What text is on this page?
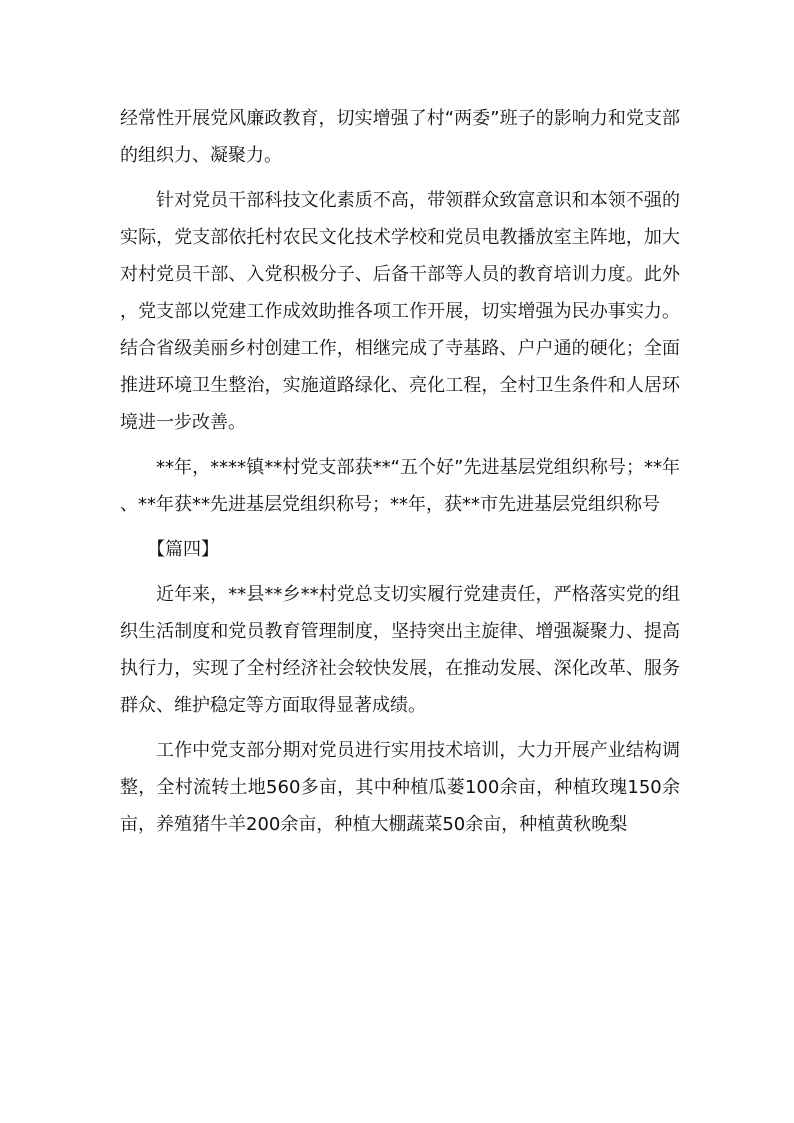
经常性开展党风廉政教育，切实增强了村“两委”班子的影响力和党支部的组织力、凝聚力。

针对党员干部科技文化素质不高，带领群众致富意识和本领不强的实际，党支部依托村农民文化技术学校和党员电教播放室主阵地，加大对村党员干部、入党积极分子、后备干部等人员的教育培训力度。此外，党支部以党建工作成效助推各项工作开展，切实增强为民办事实力。结合省级美丽乡村创建工作，相继完成了寺基路、户户通的硬化；全面推进环境卫生整治，实施道路绿化、亮化工程，全村卫生条件和人居环境进一步改善。

**年，****镇**村党支部获**“五个好”先进基层党组织称号；**年、**年获**先进基层党组织称号；**年，获**市先进基层党组织称号

【篇四】

近年来，**县**乡**村党总支切实履行党建责任，严格落实党的组织生活制度和党员教育管理制度，坚持突出主旋律、增强凝聚力、提高执行力，实现了全村经济社会较快发展，在推动发展、深化改革、服务群众、维护稳定等方面取得显著成绩。

工作中党支部分期对党员进行实用技术培训，大力开展产业结构调整，全村流转土地560多亩，其中种植瓜蒌100余亩，种植玫瑰150余亩，养殖猪牛羊200余亩，种植大棚蔬菜50余亩，种植黄秋晚梨
